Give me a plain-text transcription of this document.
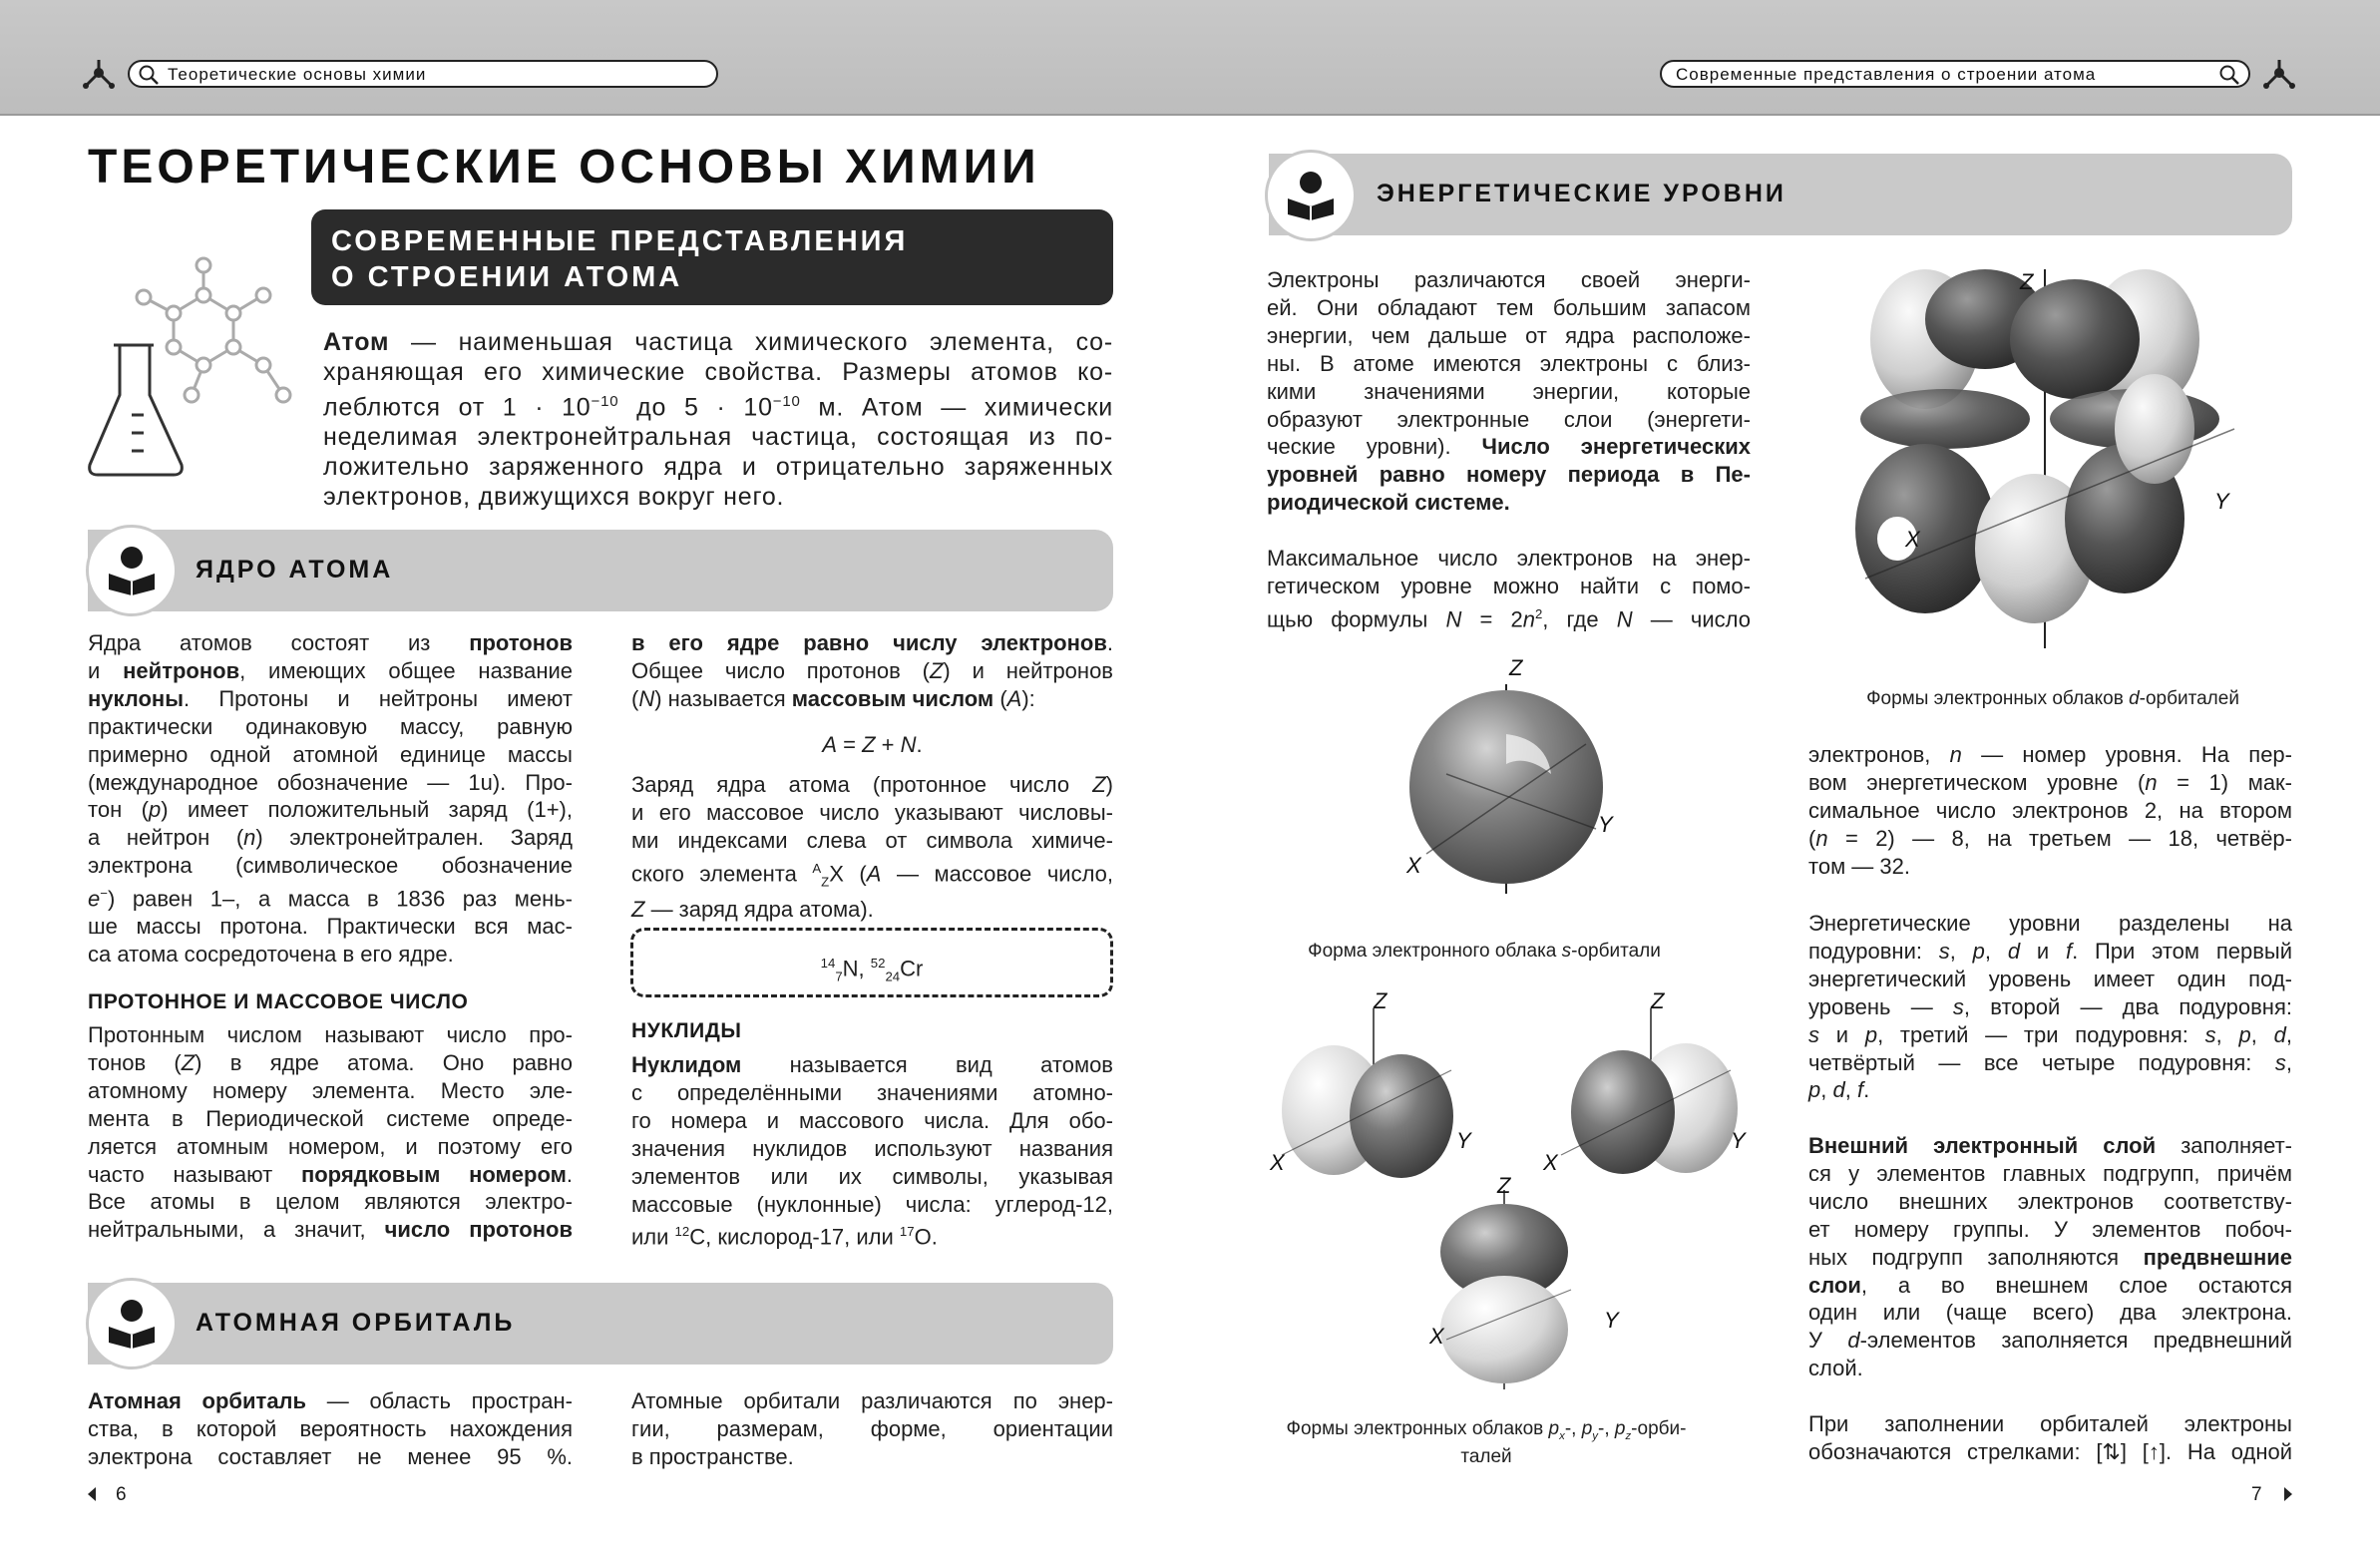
Теоретические основы химии	Современные представления о строении атома
ТЕОРЕТИЧЕСКИЕ ОСНОВЫ ХИМИИ
СОВРЕМЕННЫЕ ПРЕДСТАВЛЕНИЯ
О СТРОЕНИИ АТОМА
Атом — наименьшая частица химического элемента, со-
храняющая его химические свойства. Размеры атомов ко-
леблются от $1 \cdot 10^{-10}$ до $5 \cdot 10^{-10}$ м. Атом — химически
неделимая электронейтральная частица, состоящая из по-
ложительно заряженного ядра и отрицательно заряженных
электронов, движущихся вокруг него.
ЯДРО АТОМА
Ядра атомов состоят из протонов
и нейтронов, имеющих общее название
нуклоны. Протоны и нейтроны имеют
практически одинаковую массу, равную
примерно одной атомной единице массы
(международное обозначение — 1u). Про-
тон (p) имеет положительный заряд (1+),
а нейтрон (n) электронейтрален. Заряд
электрона (символическое обозначение
e−) равен 1–, а масса в 1836 раз мень-
ше массы протона. Практически вся мас-
са атома сосредоточена в его ядре.
ПРОТОННОЕ И МАССОВОЕ ЧИСЛО
Протонным числом называют число про-
тонов (Z) в ядре атома. Оно равно
атомному номеру элемента. Место эле-
мента в Периодической системе опреде-
ляется атомным номером, и поэтому его
часто называют порядковым номером.
Все атомы в целом являются электро-
нейтральными, а значит, число протонов
в его ядре равно числу электронов.
Общее число протонов (Z) и нейтронов
(N) называется массовым числом (A):
A = Z + N.
Заряд ядра атома (протонное число Z)
и его массовое число указывают числовы-
ми индексами слева от символа химиче-
ского элемента $^A_Z$X (A — массовое число,
Z — заряд ядра атома).
$^{14}_7$N, $^{52}_{24}$Cr
НУКЛИДЫ
Нуклидом называется вид атомов
с определёнными значениями атомно-
го номера и массового числа. Для обо-
значения нуклидов используют названия
элементов или их символы, указывая
массовые (нуклонные) числа: углерод-12,
или $^{12}$C, кислород-17, или $^{17}$O.
АТОМНАЯ ОРБИТАЛЬ
Атомная орбиталь — область простран-
ства, в которой вероятность нахождения
электрона составляет не менее 95 %.
Атомные орбитали различаются по энер-
гии, размерам, форме, ориентации
в пространстве.
6
ЭНЕРГЕТИЧЕСКИЕ УРОВНИ
Электроны различаются своей энерги-
ей. Они обладают тем большим запасом
энергии, чем дальше от ядра расположе-
ны. В атоме имеются электроны с близ-
кими значениями энергии, которые
образуют электронные слои (энергети-
ческие уровни). Число энергетических
уровней равно номеру периода в Пе-
риодической системе.
Максимальное число электронов на энер-
гетическом уровне можно найти с помо-
щью формулы $N = 2n^2$, где N — число
Z
Y
X
Формы электронных облаков d-орбиталей
Z
Y
X
Форма электронного облака s-орбитали
Z
Y
X
Z
Y
X
Z
Y
X
Формы электронных облаков $p_x-$, $p_y-$, $p_z-орби-$
талей
электронов, n — номер уровня. На пер-
вом энергетическом уровне (n = 1) мак-
симальное число электронов 2, на втором
(n = 2) — 8, на третьем — 18, четвёр-
том — 32.
Энергетические уровни разделены на
подуровни: s, p, d и f. При этом первый
энергетический уровень имеет один под-
уровень — s, второй — два подуровня:
s и p, третий — три подуровня: s, p, d,
четвёртый — все четыре подуровня: s,
p, d, f.
Внешний электронный слой заполняет-
ся у элементов главных подгрупп, причём
число внешних электронов соответству-
ет номеру группы. У элементов побоч-
ных подгрупп заполняются предвнешние
слои, а во внешнем слое остаются
один или (чаще всего) два электрона.
У d-элементов заполняется предвнешний
слой.
При заполнении орбиталей электроны
обозначаются стрелками: [⇅] [↑]. На одной
7
